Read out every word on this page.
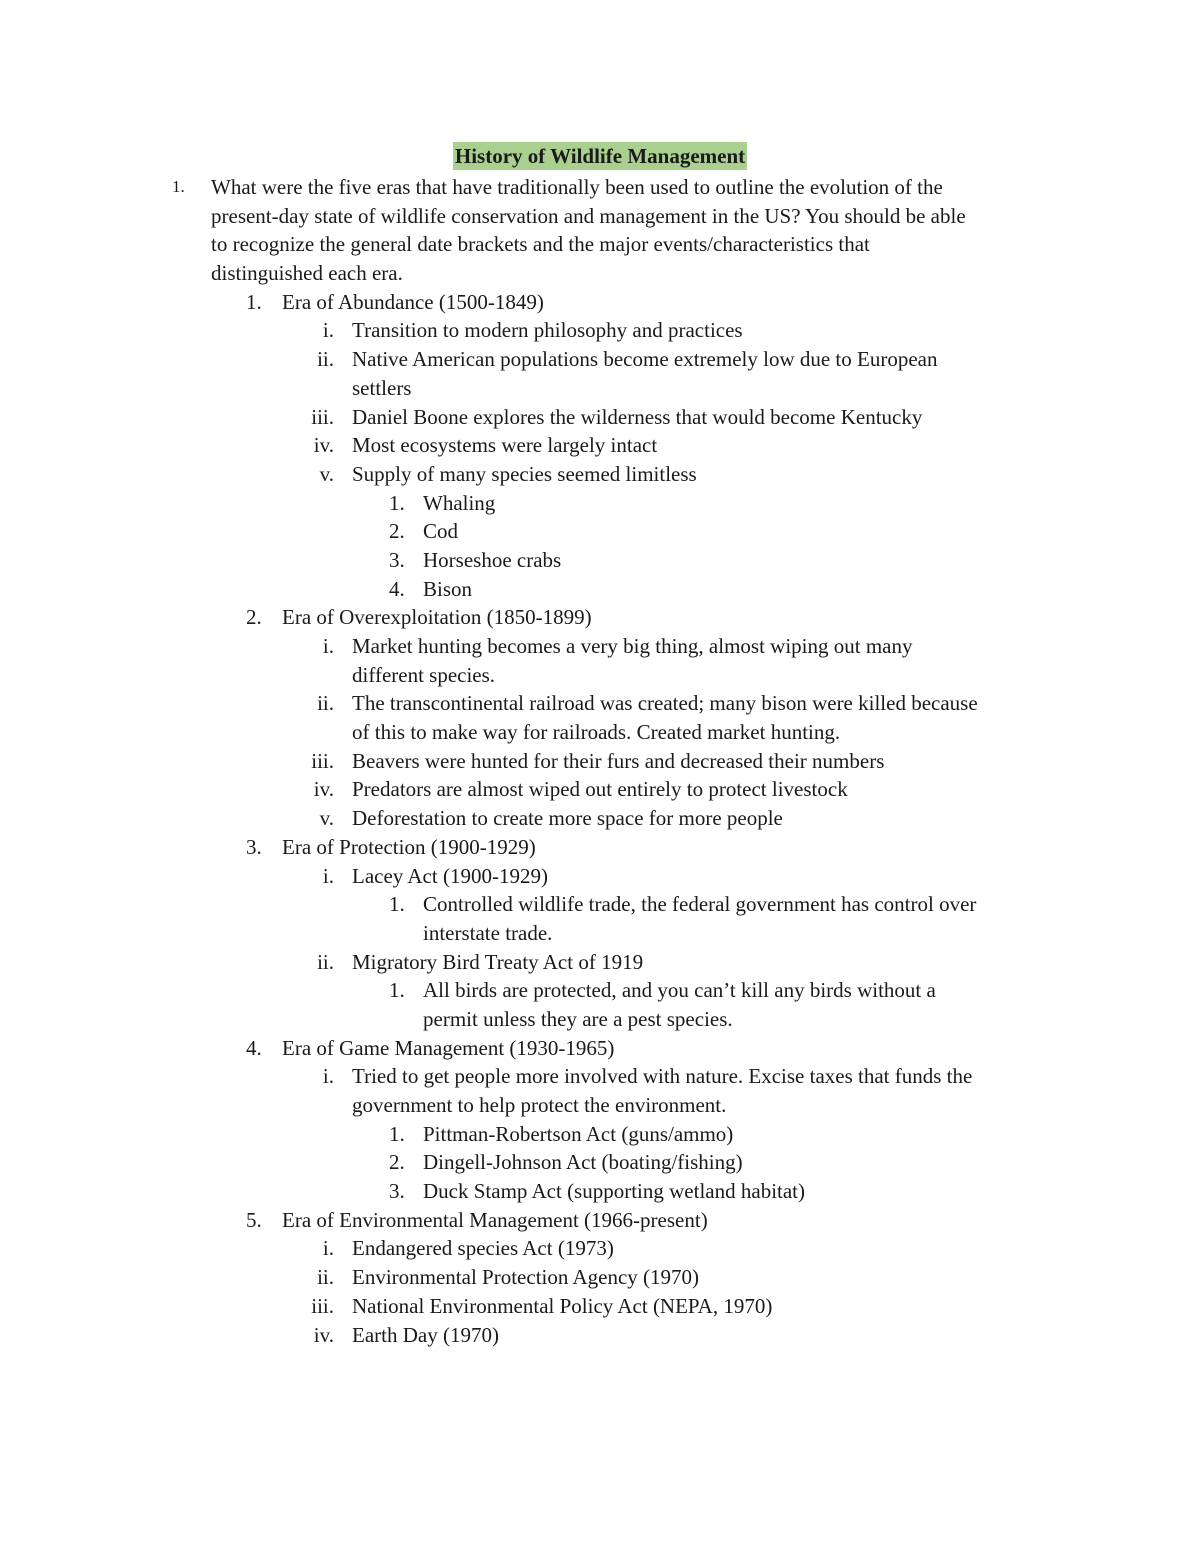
History of Wildlife Management
1. What were the five eras that have traditionally been used to outline the evolution of the
present-day state of wildlife conservation and management in the US? You should be able
to recognize the general date brackets and the major events/characteristics that
distinguished each era.
1. Era of Abundance (1500-1849)
i. Transition to modern philosophy and practices
ii. Native American populations become extremely low due to European
settlers
iii. Daniel Boone explores the wilderness that would become Kentucky
iv. Most ecosystems were largely intact
v. Supply of many species seemed limitless
1. Whaling
2. Cod
3. Horseshoe crabs
4. Bison
2. Era of Overexploitation (1850-1899)
i. Market hunting becomes a very big thing, almost wiping out many
different species.
ii. The transcontinental railroad was created; many bison were killed because
of this to make way for railroads. Created market hunting.
iii. Beavers were hunted for their furs and decreased their numbers
iv. Predators are almost wiped out entirely to protect livestock
v. Deforestation to create more space for more people
3. Era of Protection (1900-1929)
i. Lacey Act (1900-1929)
1. Controlled wildlife trade, the federal government has control over
interstate trade.
ii. Migratory Bird Treaty Act of 1919
1. All birds are protected, and you can’t kill any birds without a
permit unless they are a pest species.
4. Era of Game Management (1930-1965)
i. Tried to get people more involved with nature. Excise taxes that funds the
government to help protect the environment.
1. Pittman-Robertson Act (guns/ammo)
2. Dingell-Johnson Act (boating/fishing)
3. Duck Stamp Act (supporting wetland habitat)
5. Era of Environmental Management (1966-present)
i. Endangered species Act (1973)
ii. Environmental Protection Agency (1970)
iii. National Environmental Policy Act (NEPA, 1970)
iv. Earth Day (1970)
